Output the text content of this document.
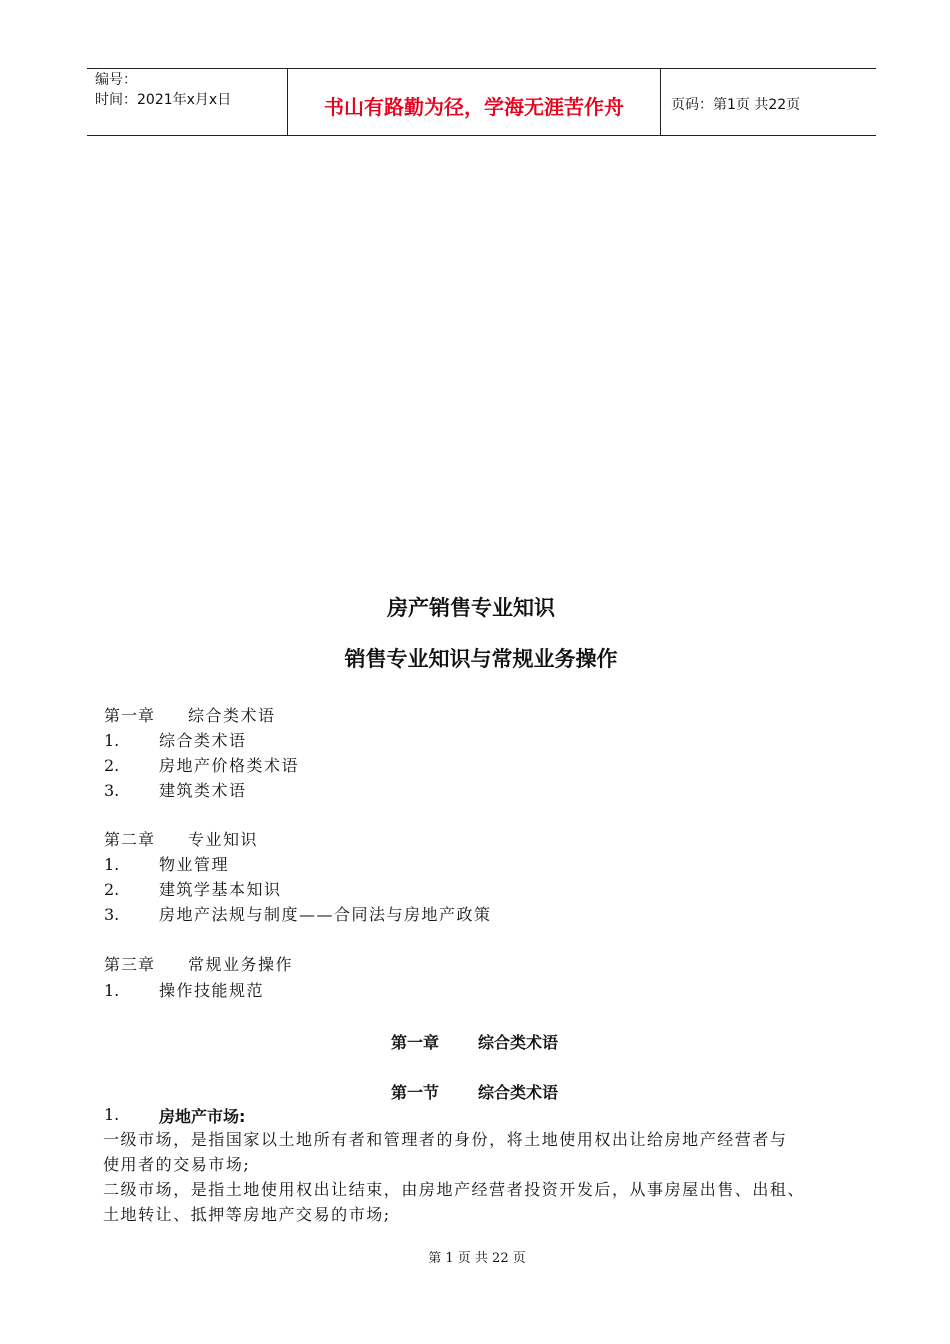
编号：
时间：2021年x月x日	书山有路勤为径，学海无涯苦作舟	页码：第1页 共22页
房产销售专业知识
销售专业知识与常规业务操作
第一章 综合类术语
1. 综合类术语
2. 房地产价格类术语
3. 建筑类术语
第二章 专业知识
1. 物业管理
2. 建筑学基本知识
3. 房地产法规与制度——合同法与房地产政策
第三章 常规业务操作
1. 操作技能规范
第一章 综合类术语
第一节 综合类术语
1. 房地产市场:
一级市场，是指国家以土地所有者和管理者的身份，将土地使用权出让给房地产经营者与
使用者的交易市场;
二级市场，是指土地使用权出让结束，由房地产经营者投资开发后，从事房屋出售、出租、
土地转让、抵押等房地产交易的市场;
第 1 页 共 22 页
